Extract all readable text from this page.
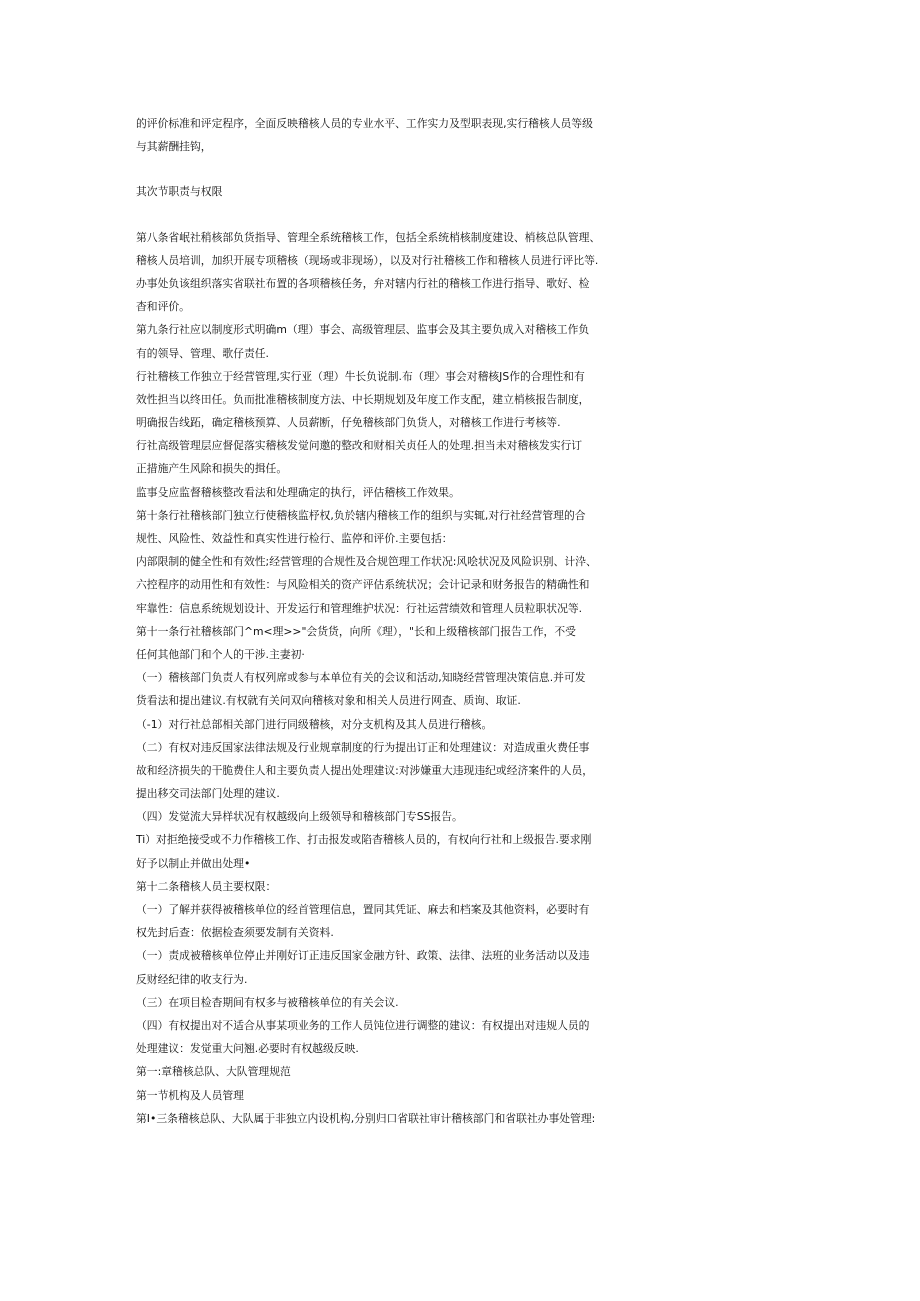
的评价标准和评定程序，全面反映稽核人员的专业水平、工作实力及型职表现,实行稽核人员等级
与其薪酬挂钩，
其次节职责与权限
第八条省岷社稍核部负货指导、管理全系统稽核工作，包括全系统梢核制度建设、梢核总队管理、
稽核人员培训，加织开展专项稽核（现场或非现场），以及对行社稽核工作和稽核人员进行评比等.
办事处负该组织落实省联社布置的各项稽核任务，弁对辖内行社的稽核工作进行指导、歌好、检
杳和评价。
第九条行社应以制度形式明确m（理）事会、高级管理层、监事会及其主要负成入对稽核工作负
有的领导、管理、歌仔责任.
行社稽核工作独立于经营管理,实行亚（理）牛长负说制.布（理〉事会对稽核JS作的合理性和有
效性担当以终田任。负而批准稽核制度方法、中长期规划及年度工作支配，建立梢核报告制度，
明确报告线跖，确定稽核预算、人员薪断，仔免稽核部门负货人，对稽核工作进行考核等.
行社高级管理层应督促落实稽核发觉问邀的整改和财相关贞任人的处理.担当未对稽核发实行订
正措施产生风除和损失的揖任。
监事殳应监督稽核整改看法和处理确定的执行，评估稽核工作效果。
第十条行社稽核部门独立行使稽核监杼权,负於辖内稽核工作的组织与实辄,对行社经营管理的合
规性、风险性、效益性和真实性进行检行、监停和评价.主要包括：
内部限制的健全性和有效性;经营管理的合规性及合规笆理工作状况:风哙状况及风险识别、计㳃、
六控程序的动用性和有效性：与风险相关的资产评估系统状况；会计记录和财务报告的精确性和
牢靠性：信息系统规划设计、开发运行和管理维护状况：行社运营绩效和管理人员粒职状况等.
第十一条行社稽核部门^m<理>>"会货货，向所《理），"长和上级稽核部门报告工作，不受
任何其他部门和个人的干涉.主妻初·
（一）稽核部门负责人有权列席或参与本单位有关的会议和活动,知晓经营管理决策信息.并可发
货看法和提出建议.有权就有关问双向稽核对象和相关人员进行网查、质询、取证.
（-1）对行社总部相关部门进行同级稽核，对分支机构及其人员进行稽核。
（二）有权对违反国家法律法规及行业规章制度的行为提出订正和处理建议：对造成重火费任事
故和经济损失的干脆费住人和主要负责人提出处理建议:对涉嫌重大违现违纪或经济案件的人员，
提出移交司法部门处理的建议.
（四）发觉流大异样状况有权越级向上级领导和稽核部门专SS报告。
Ti）对拒绝接受或不力作稽核工作、打击报发或陷杳稽核人员的，有权向行社和上级报告.要求刚
好予以制止并做出处理•
第十二条稽核人员主要权限：
（一）了解并获得被稽核单位的经首管理信息，置同其凭证、麻去和档案及其他资料，必要时有
权先封后查：依据检查须要发制有关资料.
（一）责成被稽核单位停止并刚好订正违反国家金融方针、政策、法律、法班的业务活动以及违
反财经纪律的收支行为.
（三）在项目检杳期间有权多与被稽核单位的有关会议.
（四）有权提出对不适合从事某项业务的工作人员饨位进行调整的建议：有权提出对违规人员的
处理建议：发觉重大问翘.必要时有权越级反映.
第一:章稽核总队、大队管理规范
第一节机构及人员管理
第I•三条稽核总队、大队属于非独立内设机构,分别归口省联社审计稽核部门和省联社办事处管理:
